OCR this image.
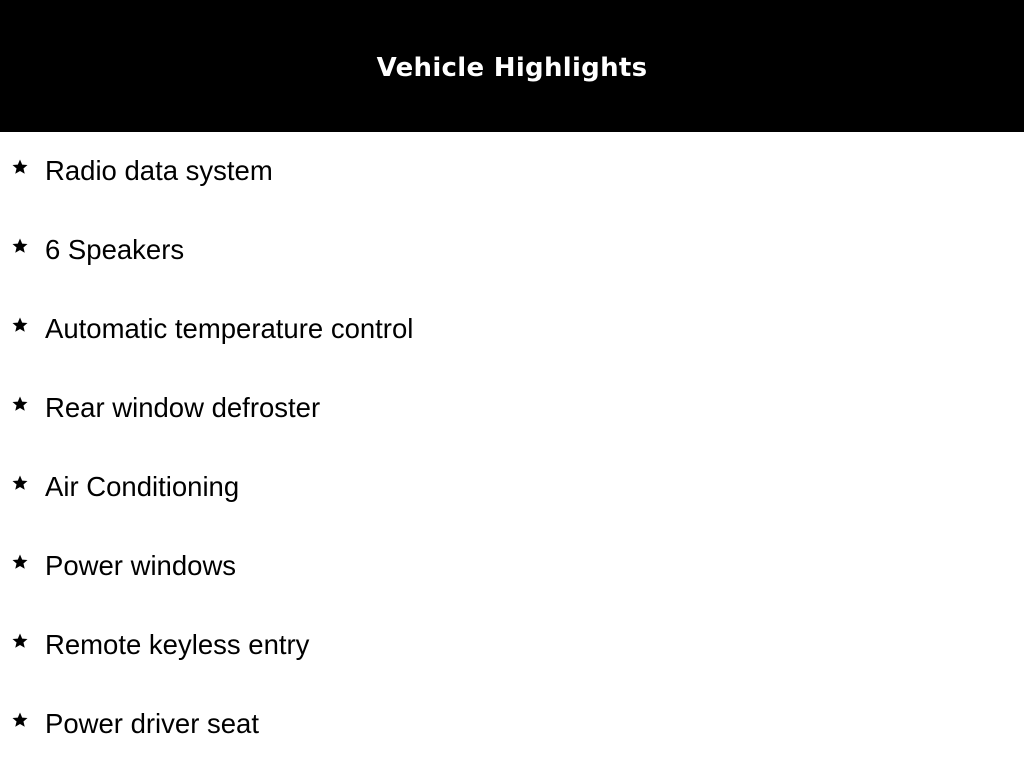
Vehicle Highlights
Radio data system
6 Speakers
Automatic temperature control
Rear window defroster
Air Conditioning
Power windows
Remote keyless entry
Power driver seat
